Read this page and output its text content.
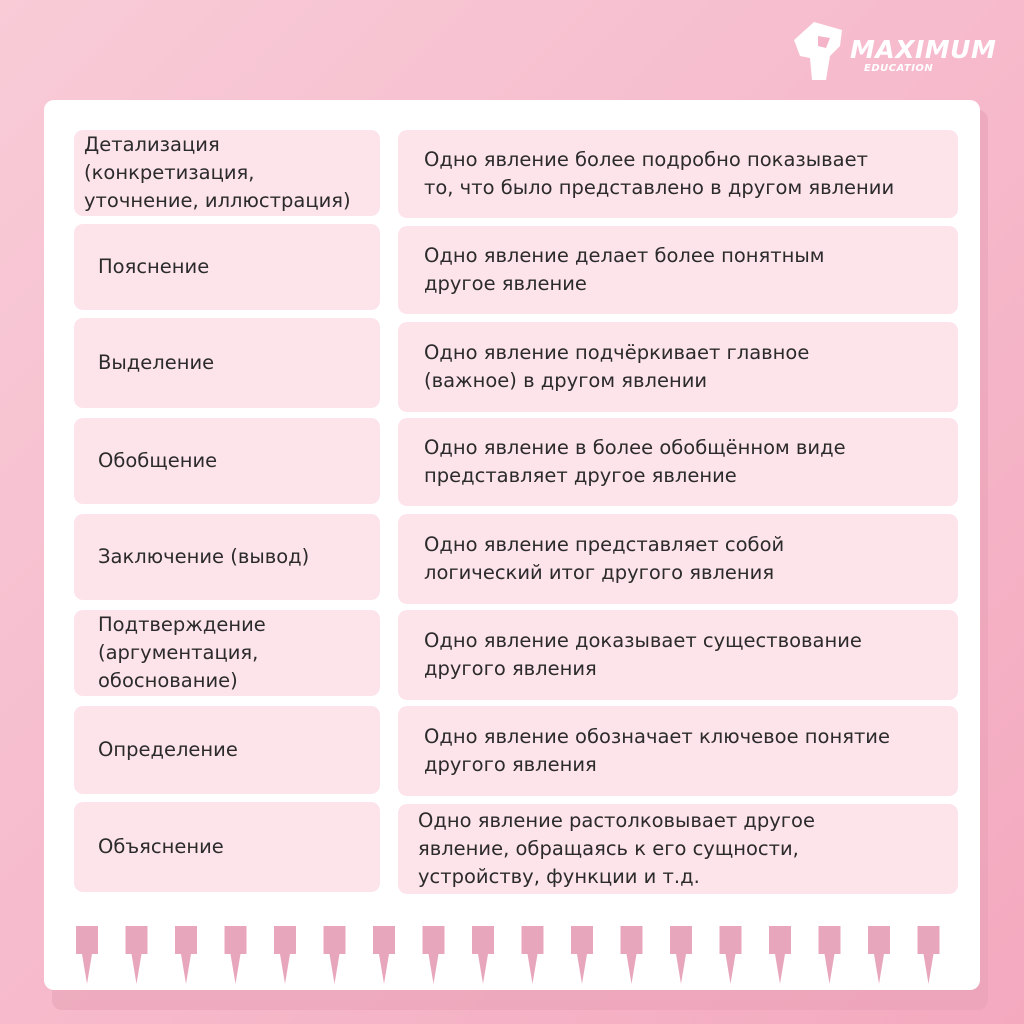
MAXIMUM
EDUCATION
Детализация
(конкретизация,
уточнение, иллюстрация)
Одно явление более подробно показывает
то, что было представлено в другом явлении
Пояснение	Одно явление делает более понятным
другое явление
Выделение	Одно явление подчёркивает главное
(важное) в другом явлении
Обобщение
Одно явление в более обобщённом виде
представляет другое явление
Заключение (вывод)
Одно явление представляет собой
логический итог другого явления
Подтверждение
(аргументация,
обоснование)
Одно явление доказывает существование
другого явления
Определение
Одно явление обозначает ключевое понятие
другого явления
Объяснение
Одно явление растолковывает другое
явление, обращаясь к его сущности,
устройству, функции и т.д.
